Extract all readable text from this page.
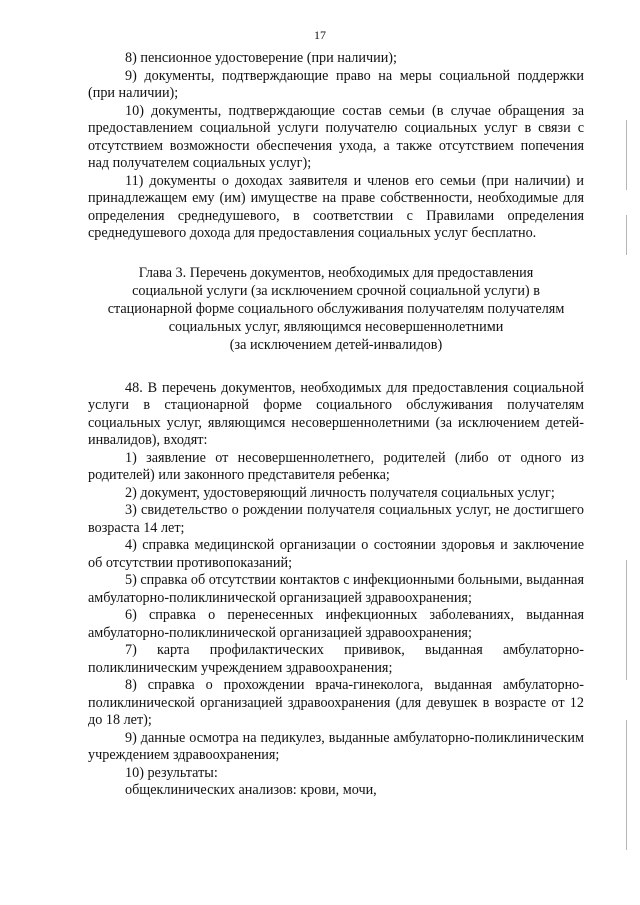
17

8) пенсионное удостоверение (при наличии);

9) документы, подтверждающие право на меры социальной поддержки (при наличии);

10) документы, подтверждающие состав семьи (в случае обращения за предоставлением социальной услуги получателю социальных услуг в связи с отсутствием возможности обеспечения ухода, а также отсутствием попечения над получателем социальных услуг);

11) документы о доходах заявителя и членов его семьи (при наличии) и принадлежащем ему (им) имуществе на праве собственности, необходимые для определения среднедушевого, в соответствии с Правилами определения среднедушевого дохода для предоставления социальных услуг бесплатно.

Глава 3. Перечень документов, необходимых для предоставления
социальной услуги (за исключением срочной социальной услуги) в
стационарной форме социального обслуживания получателям получателям
социальных услуг, являющимся несовершеннолетними
(за исключением детей-инвалидов)

48. В перечень документов, необходимых для предоставления социальной услуги в стационарной форме социального обслуживания получателям социальных услуг, являющимся несовершеннолетними (за исключением детей-инвалидов), входят:

1) заявление от несовершеннолетнего, родителей (либо от одного из родителей) или законного представителя ребенка;

2) документ, удостоверяющий личность получателя социальных услуг;

3) свидетельство о рождении получателя социальных услуг, не достигшего возраста 14 лет;

4) справка медицинской организации о состоянии здоровья и заключение об отсутствии противопоказаний;

5) справка об отсутствии контактов с инфекционными больными, выданная амбулаторно-поликлинической организацией здравоохранения;

6) справка о перенесенных инфекционных заболеваниях, выданная амбулаторно-поликлинической организацией здравоохранения;

7) карта профилактических прививок, выданная амбулаторно-поликлиническим учреждением здравоохранения;

8) справка о прохождении врача-гинеколога, выданная амбулаторно-поликлинической организацией здравоохранения (для девушек в возрасте от 12 до 18 лет);

9) данные осмотра на педикулез, выданные амбулаторно-поликлиническим учреждением здравоохранения;

10) результаты:

общеклинических анализов: крови, мочи,
